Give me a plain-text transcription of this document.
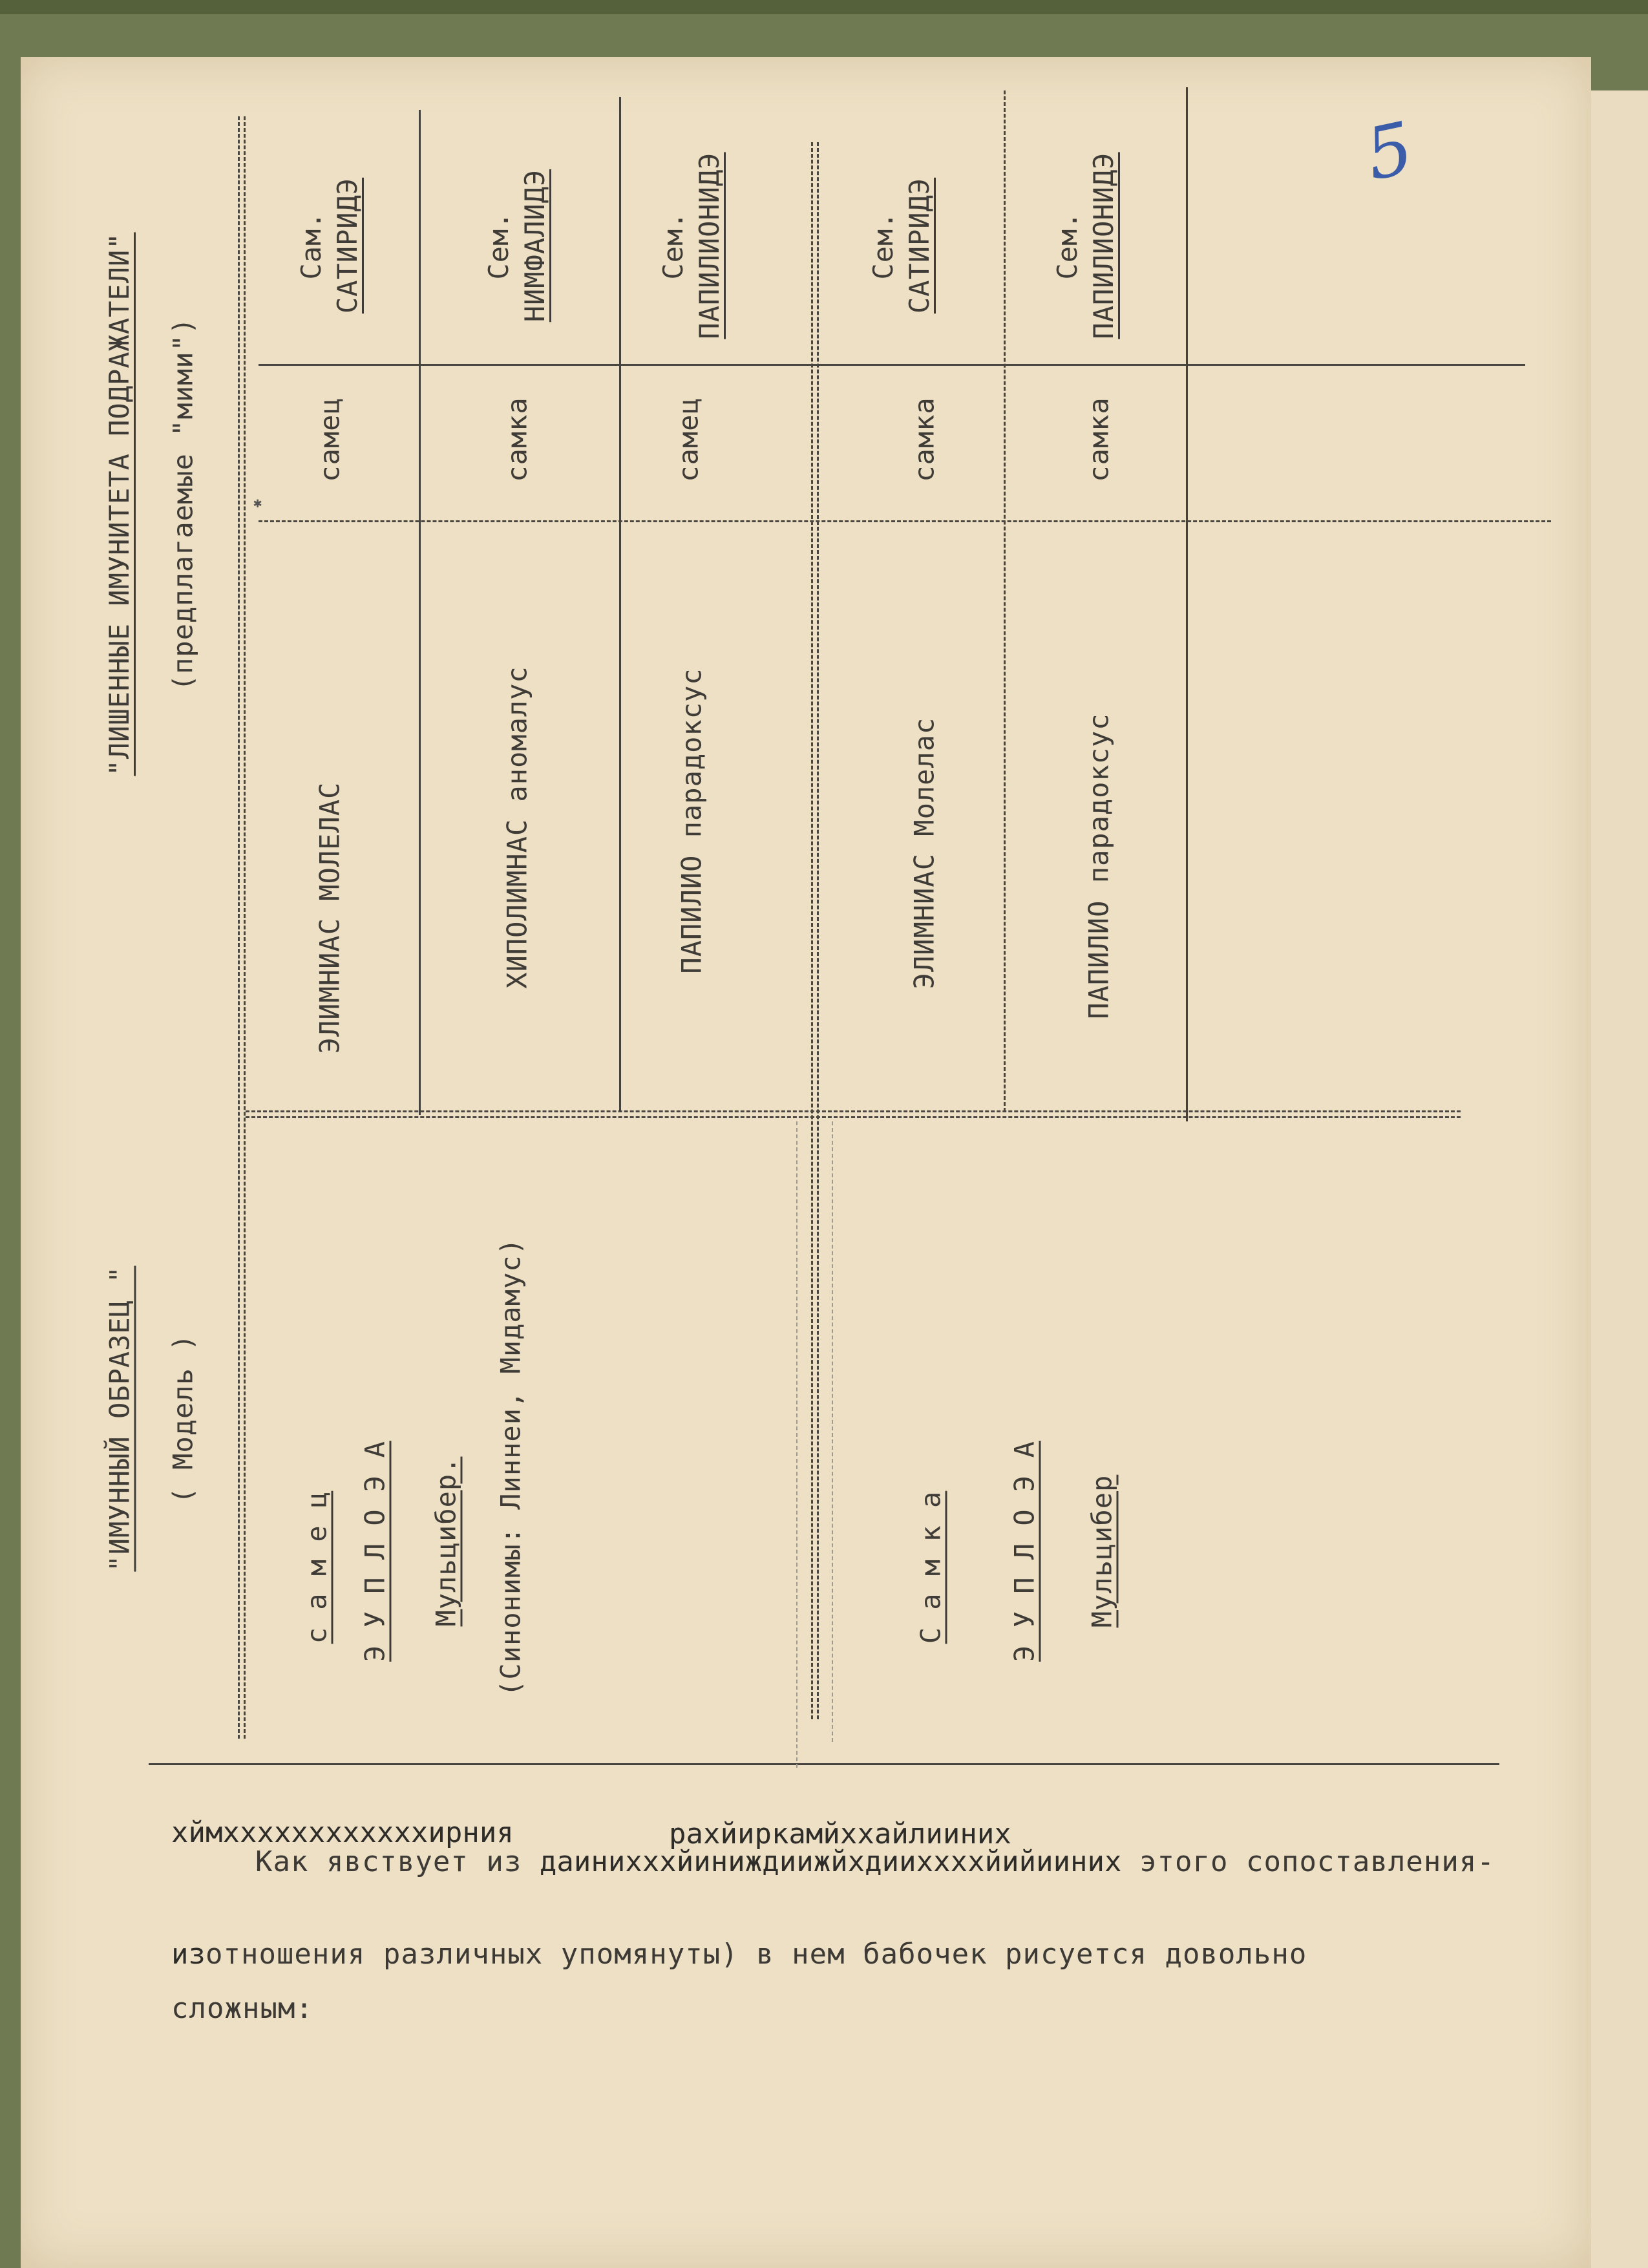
5
✱
"ЛИШЕННЫЕ ИМУНИТЕТА ПОДРАЖАТЕЛИ" (предплагаемые "мими")
"ИМУННЫЙ ОБРАЗЕЦ " ( Модель )
ЭЛИМНИАС МОЛЕЛАС	ХИПОЛИМНАС аномалус	ПАПИЛИО парадоксус	ЭЛИМНИАС Молелас	ПАПИЛИО парадоксус
самец	самка	самец	самка	самка
Сам. САТИРИДЭ	Сем. НИМФАЛИДЭ	Сем. ПАПИЛИОНИДЭ	Сем. САТИРИДЭ	Сем. ПАПИЛИОНИДЭ
с а м е ц Э У П Л О Э А Мульцибер. (Синонимы: Линнеи, Мидамус)	С а м к а Э У П Л О Э А Мульцибер
хймххххххххххххирния	рахйиркамйххайлииних
Как явствует из даинихххйиниждиижйхдииххххйийииних этого сопоставления-
изотношения различных упомянуты) в нем бабочек рисуется довольно
сложным:
